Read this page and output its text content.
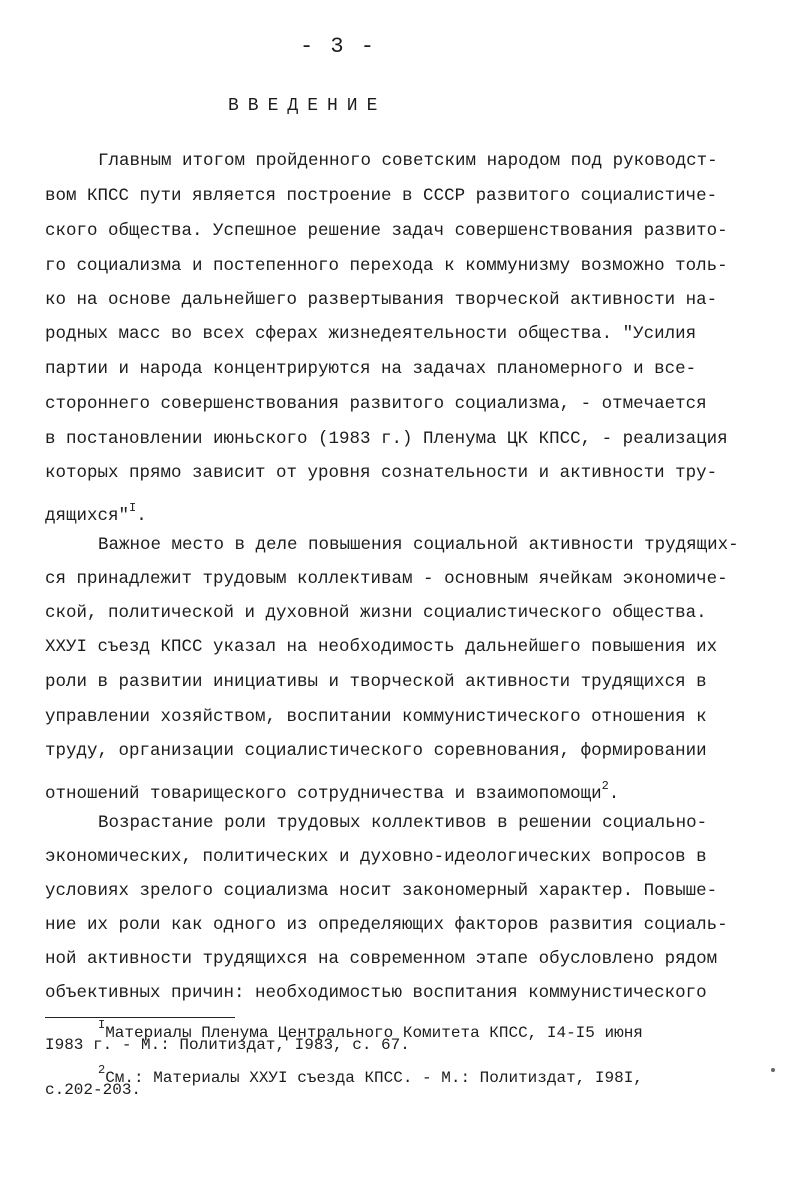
- 3 -
ВВЕДЕНИЕ
Главным итогом пройденного советским народом под руководст-
вом КПСС пути является построение в СССР развитого социалистиче-
ского общества. Успешное решение задач совершенствования развито-
го социализма и постепенного перехода к коммунизму возможно толь-
ко на основе дальнейшего развертывания творческой активности на-
родных масс во всех сферах жизнедеятельности общества. "Усилия
партии и народа концентрируются на задачах планомерного и все-
стороннего совершенствования развитого социализма, - отмечается
в постановлении июньского (1983 г.) Пленума ЦК КПСС, - реализация
которых прямо зависит от уровня сознательности и активности тру-
дящихся"$^I$.
Важное место в деле повышения социальной активности трудящих-
ся принадлежит трудовым коллективам - основным ячейкам экономиче-
ской, политической и духовной жизни социалистического общества.
ХХУI съезд КПСС указал на необходимость дальнейшего повышения их
роли в развитии инициативы и творческой активности трудящихся в
управлении хозяйством, воспитании коммунистического отношения к
труду, организации социалистического соревнования, формировании
отношений товарищеского сотрудничества и взаимопомощи$^2$.
Возрастание роли трудовых коллективов в решении социально-
экономических, политических и духовно-идеологических вопросов в
условиях зрелого социализма носит закономерный характер. Повыше-
ние их роли как одного из определяющих факторов развития социаль-
ной активности трудящихся на современном этапе обусловлено рядом
объективных причин: необходимостью воспитания коммунистического
$^I$Материалы Пленума Центрального Комитета КПСС, I4-I5 июня
I983 г. - М.: Политиздат, I983, с. 67.
$^2$См.: Материалы ХХУI съезда КПСС. - М.: Политиздат, I98I,
с.202-203.
